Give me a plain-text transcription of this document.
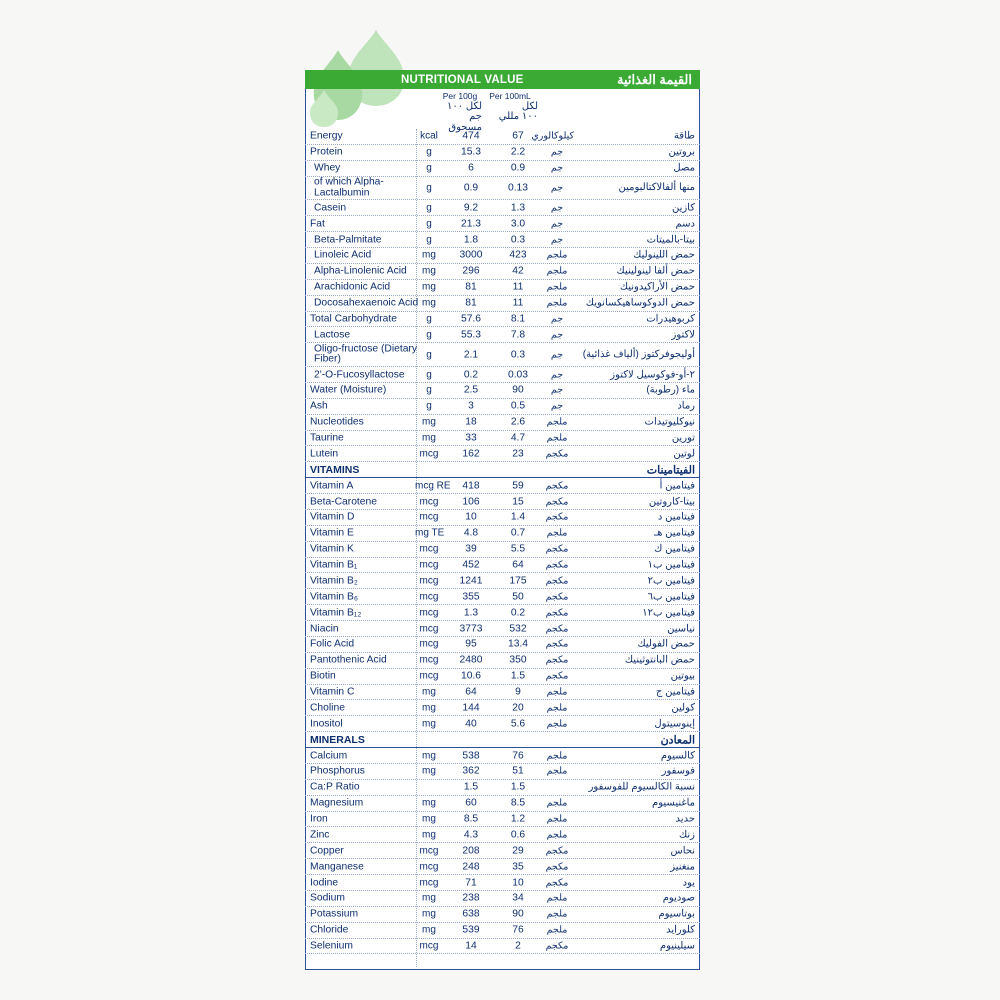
NUTRITIONAL VALUE	القيمة الغذائية
Per 100g
لكل ١٠٠ جم
مسحوق
Per 100mL
لكل
١٠٠ مللي
Energy	kcal	474	67 كيلوكالوري	طاقة
Protein	g	15.3	2.2	جم	بروتين
Whey	g	6	0.9	جم	مصل
of which Alpha-Lactalbumin	g	0.9	0.13	جم	منها ألفالاكتالبومين
Casein	g	9.2	1.3	جم	كازين
Fat	g	21.3	3.0	جم	دسم
Beta-Palmitate	g	1.8	0.3	جم	بيتا-بالميتات
Linoleic Acid	mg	3000	423	ملجم	حمض اللينوليك
Alpha-Linolenic Acid	mg	296	42	ملجم	حمض ألفا لينولينيك
Arachidonic Acid	mg	81	11	ملجم	حمض الأراكيدونيك
Docosahexaenoic Acid mg	81	11	ملجم	حمض الدوكوساهيكسانويك
Total Carbohydrate	g	57.6	8.1	جم	كربوهيدرات
Lactose	g	55.3	7.8	جم	لاكتوز
Oligo-fructose (Dietary Fiber)	g	2.1	0.3	جم	أوليجوفركتوز (ألياف غذائية)
2'-O-Fucosyllactose	g	0.2	0.03	جم	٢-أو-فوكوسيل لاكتوز
Water (Moisture)	g	2.5	90	جم	ماء (رطوبة)
Ash	g	3	0.5	جم	رماد
Nucleotides	mg	18	2.6	ملجم	نيوكليوتيدات
Taurine	mg	33	4.7	ملجم	تورين
Lutein	mcg	162	23	مكجم	لوتين
VITAMINS	الفيتامينات
Vitamin A	mcg RE	418	59	مكجم	فيتامين أ
Beta-Carotene	mcg	106	15	مكجم	بيتا-كاروتين
Vitamin D	mcg	10	1.4	مكجم	فيتامين د
Vitamin E	mg TE	4.8	0.7	ملجم	فيتامين هـ
Vitamin K	mcg	39	5.5	مكجم	فيتامين ك
Vitamin B₁	mcg	452	64	مكجم	فيتامين ب١
Vitamin B₂	mcg	1241	175	مكجم	فيتامين ب٢
Vitamin B₆	mcg	355	50	مكجم	فيتامين ب٦
Vitamin B₁₂	mcg	1.3	0.2	مكجم	فيتامين ب١٢
Niacin	mcg	3773	532	مكجم	نياسين
Folic Acid	mcg	95	13.4	مكجم	حمض الفوليك
Pantothenic Acid	mcg	2480	350	مكجم	حمض البانتوثينيك
Biotin	mcg	10.6	1.5	مكجم	بيوتين
Vitamin C	mg	64	9	ملجم	فيتامين ج
Choline	mg	144	20	ملجم	كولين
Inositol	mg	40	5.6	ملجم	إينوسيتول
MINERALS	المعادن
Calcium	mg	538	76	ملجم	كالسيوم
Phosphorus	mg	362	51	ملجم	فوسفور
Ca:P Ratio	1.5	1.5	نسبة الكالسيوم للفوسفور
Magnesium	mg	60	8.5	ملجم	ماغنيسيوم
Iron	mg	8.5	1.2	ملجم	حديد
Zinc	mg	4.3	0.6	ملجم	زنك
Copper	mcg	208	29	مكجم	نحاس
Manganese	mcg	248	35	مكجم	منغنيز
Iodine	mcg	71	10	مكجم	يود
Sodium	mg	238	34	ملجم	صوديوم
Potassium	mg	638	90	ملجم	بوتاسيوم
Chloride	mg	539	76	ملجم	كلورايد
Selenium	mcg	14	2	مكجم	سيلينيوم
